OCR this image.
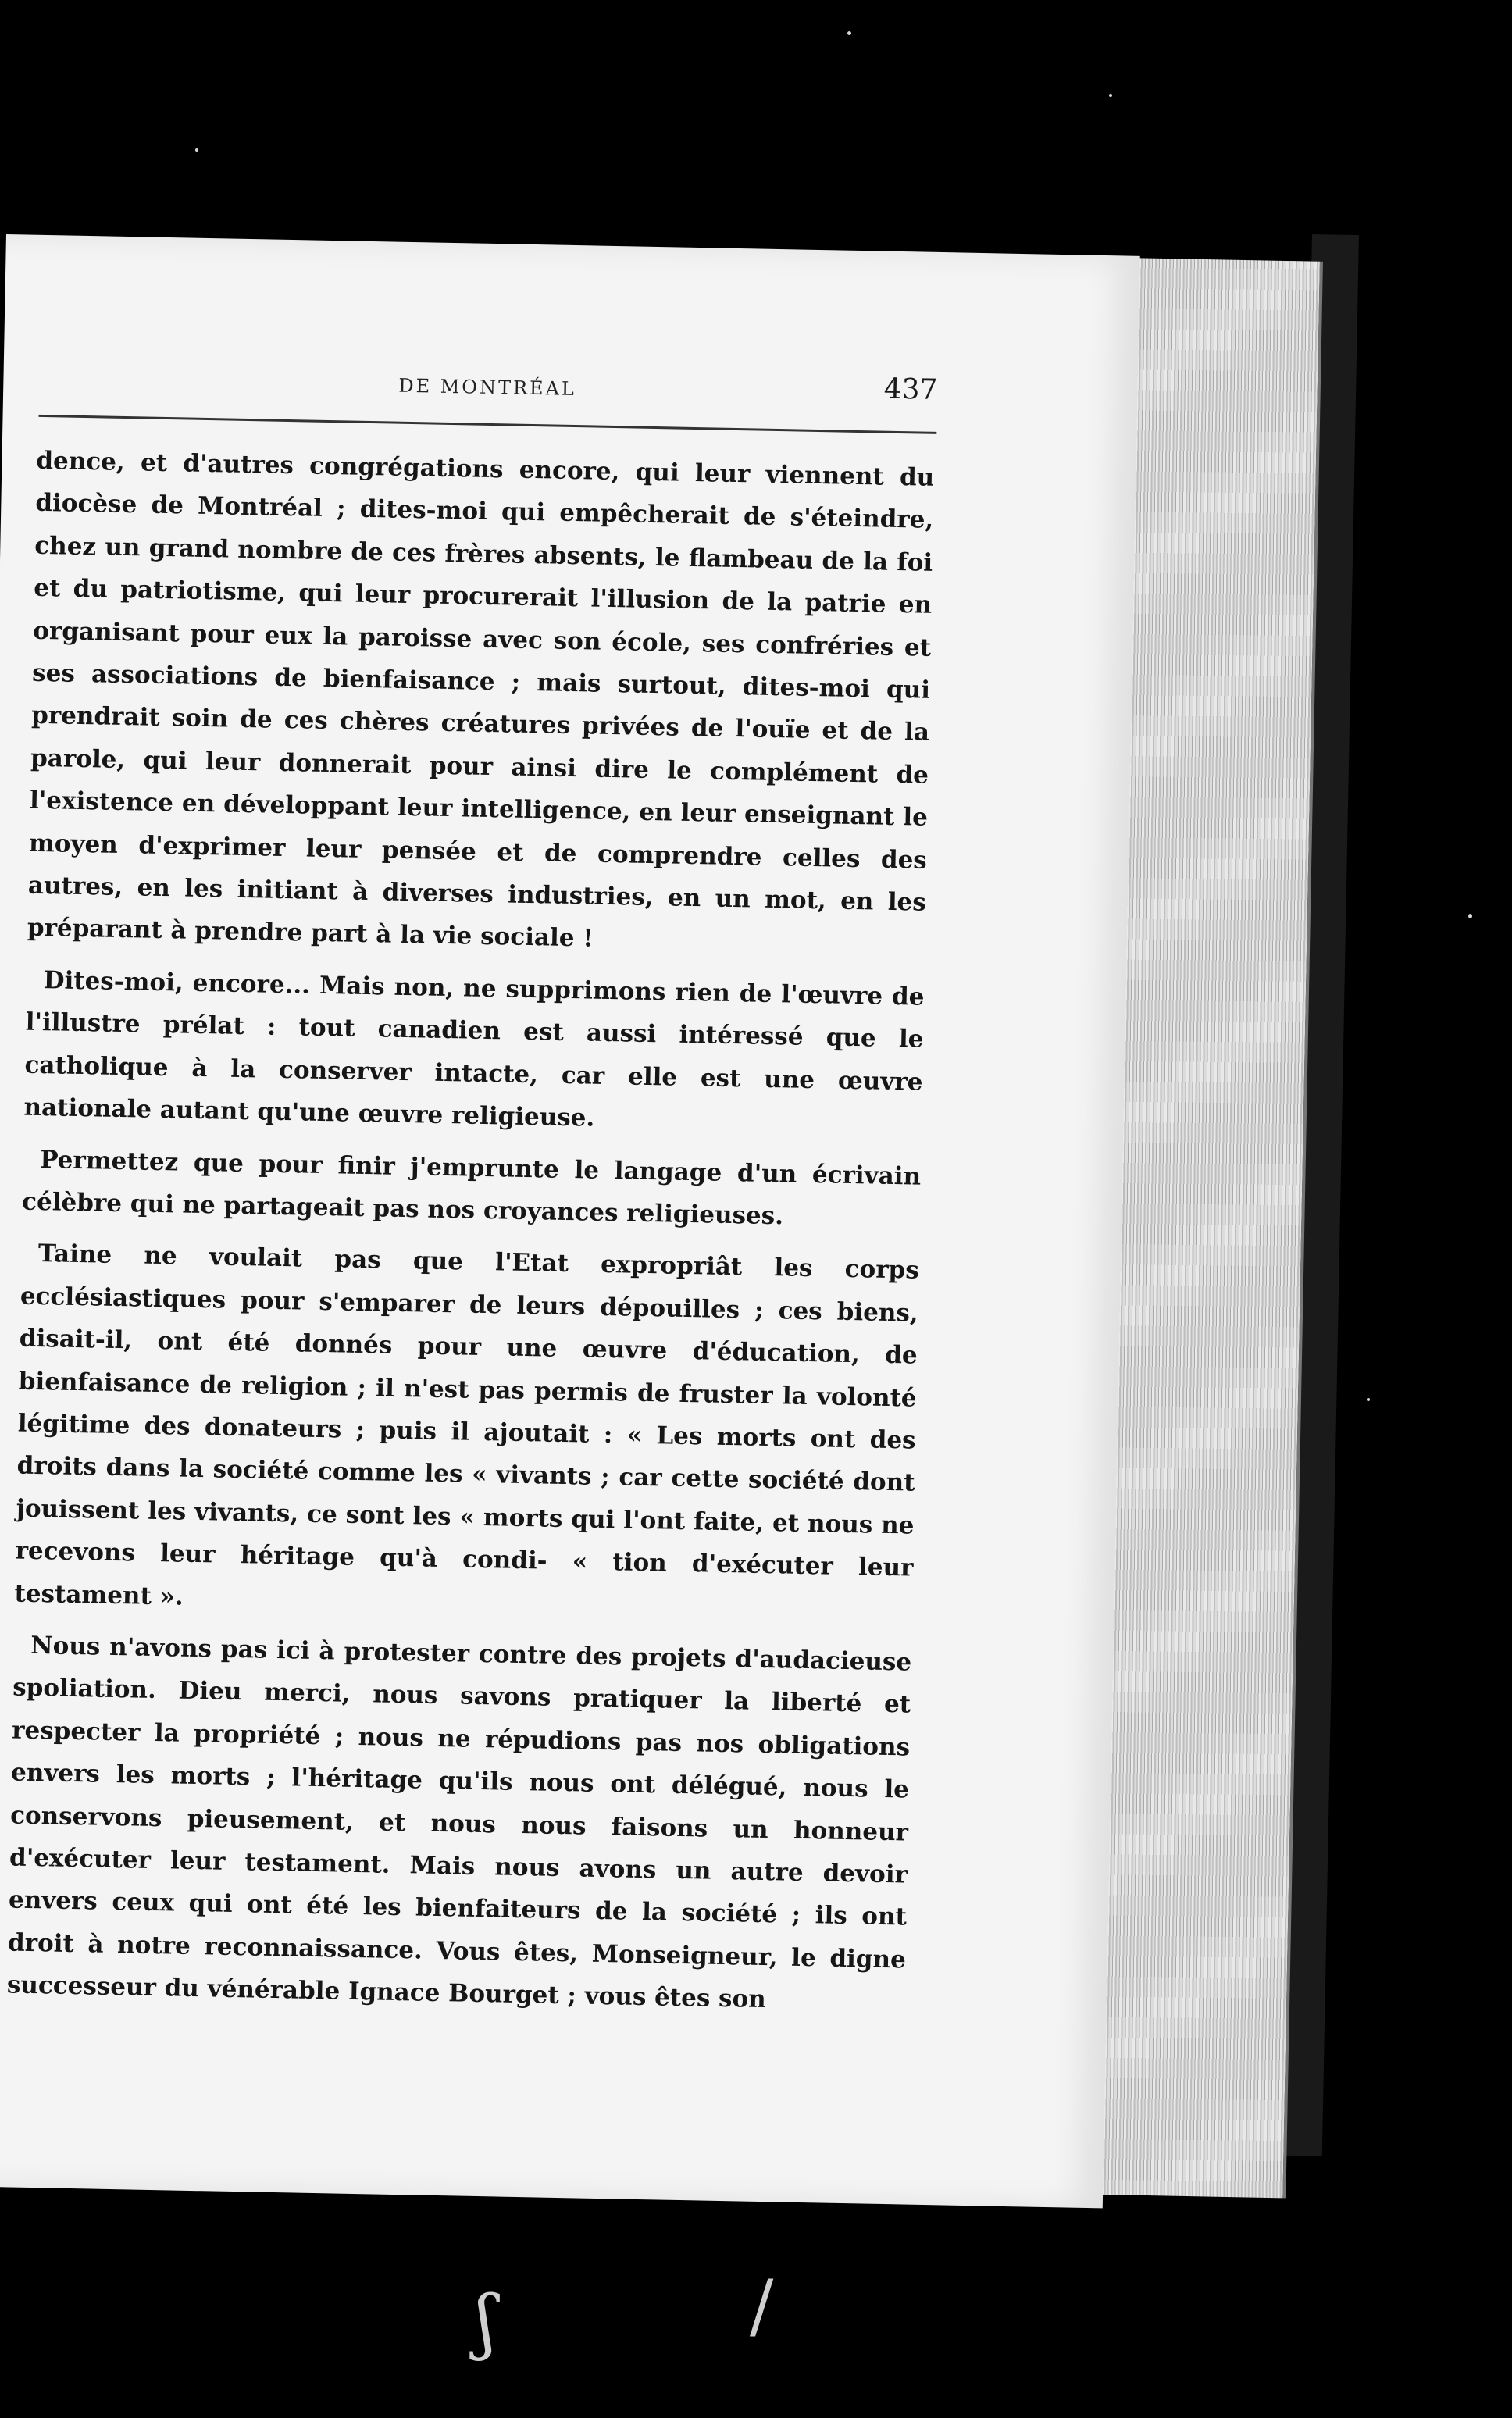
ʃ	/
DE MONTRÉAL	437

dence, et d'autres congrégations encore, qui leur viennent du diocèse de Montréal ; dites-moi qui empêcherait de s'éteindre, chez un grand nombre de ces frères absents, le flambeau de la foi et du patriotisme, qui leur procurerait l'illusion de la patrie en organisant pour eux la paroisse avec son école, ses confréries et ses associations de bienfaisance ; mais surtout, dites-moi qui prendrait soin de ces chères créatures privées de l'ouïe et de la parole, qui leur donnerait pour ainsi dire le complément de l'existence en développant leur intelligence, en leur enseignant le moyen d'exprimer leur pensée et de comprendre celles des autres, en les initiant à diverses industries, en un mot, en les préparant à prendre part à la vie sociale !

Dites-moi, encore... Mais non, ne supprimons rien de l'œuvre de l'illustre prélat : tout canadien est aussi intéressé que le catholique à la conserver intacte, car elle est une œuvre nationale autant qu'une œuvre religieuse.

Permettez que pour finir j'emprunte le langage d'un écrivain célèbre qui ne partageait pas nos croyances religieuses.

Taine ne voulait pas que l'Etat expropriât les corps ecclésiastiques pour s'emparer de leurs dépouilles ; ces biens, disait-il, ont été donnés pour une œuvre d'éducation, de bienfaisance de religion ; il n'est pas permis de fruster la volonté légitime des donateurs ; puis il ajoutait : « Les morts ont des droits dans la société comme les « vivants ; car cette société dont jouissent les vivants, ce sont les « morts qui l'ont faite, et nous ne recevons leur héritage qu'à condi- « tion d'exécuter leur testament ».

Nous n'avons pas ici à protester contre des projets d'audacieuse spoliation. Dieu merci, nous savons pratiquer la liberté et respecter la propriété ; nous ne répudions pas nos obligations envers les morts ; l'héritage qu'ils nous ont délégué, nous le conservons pieusement, et nous nous faisons un honneur d'exécuter leur testament. Mais nous avons un autre devoir envers ceux qui ont été les bienfaiteurs de la société ; ils ont droit à notre reconnaissance. Vous êtes, Monseigneur, le digne successeur du vénérable Ignace Bourget ; vous êtes son
